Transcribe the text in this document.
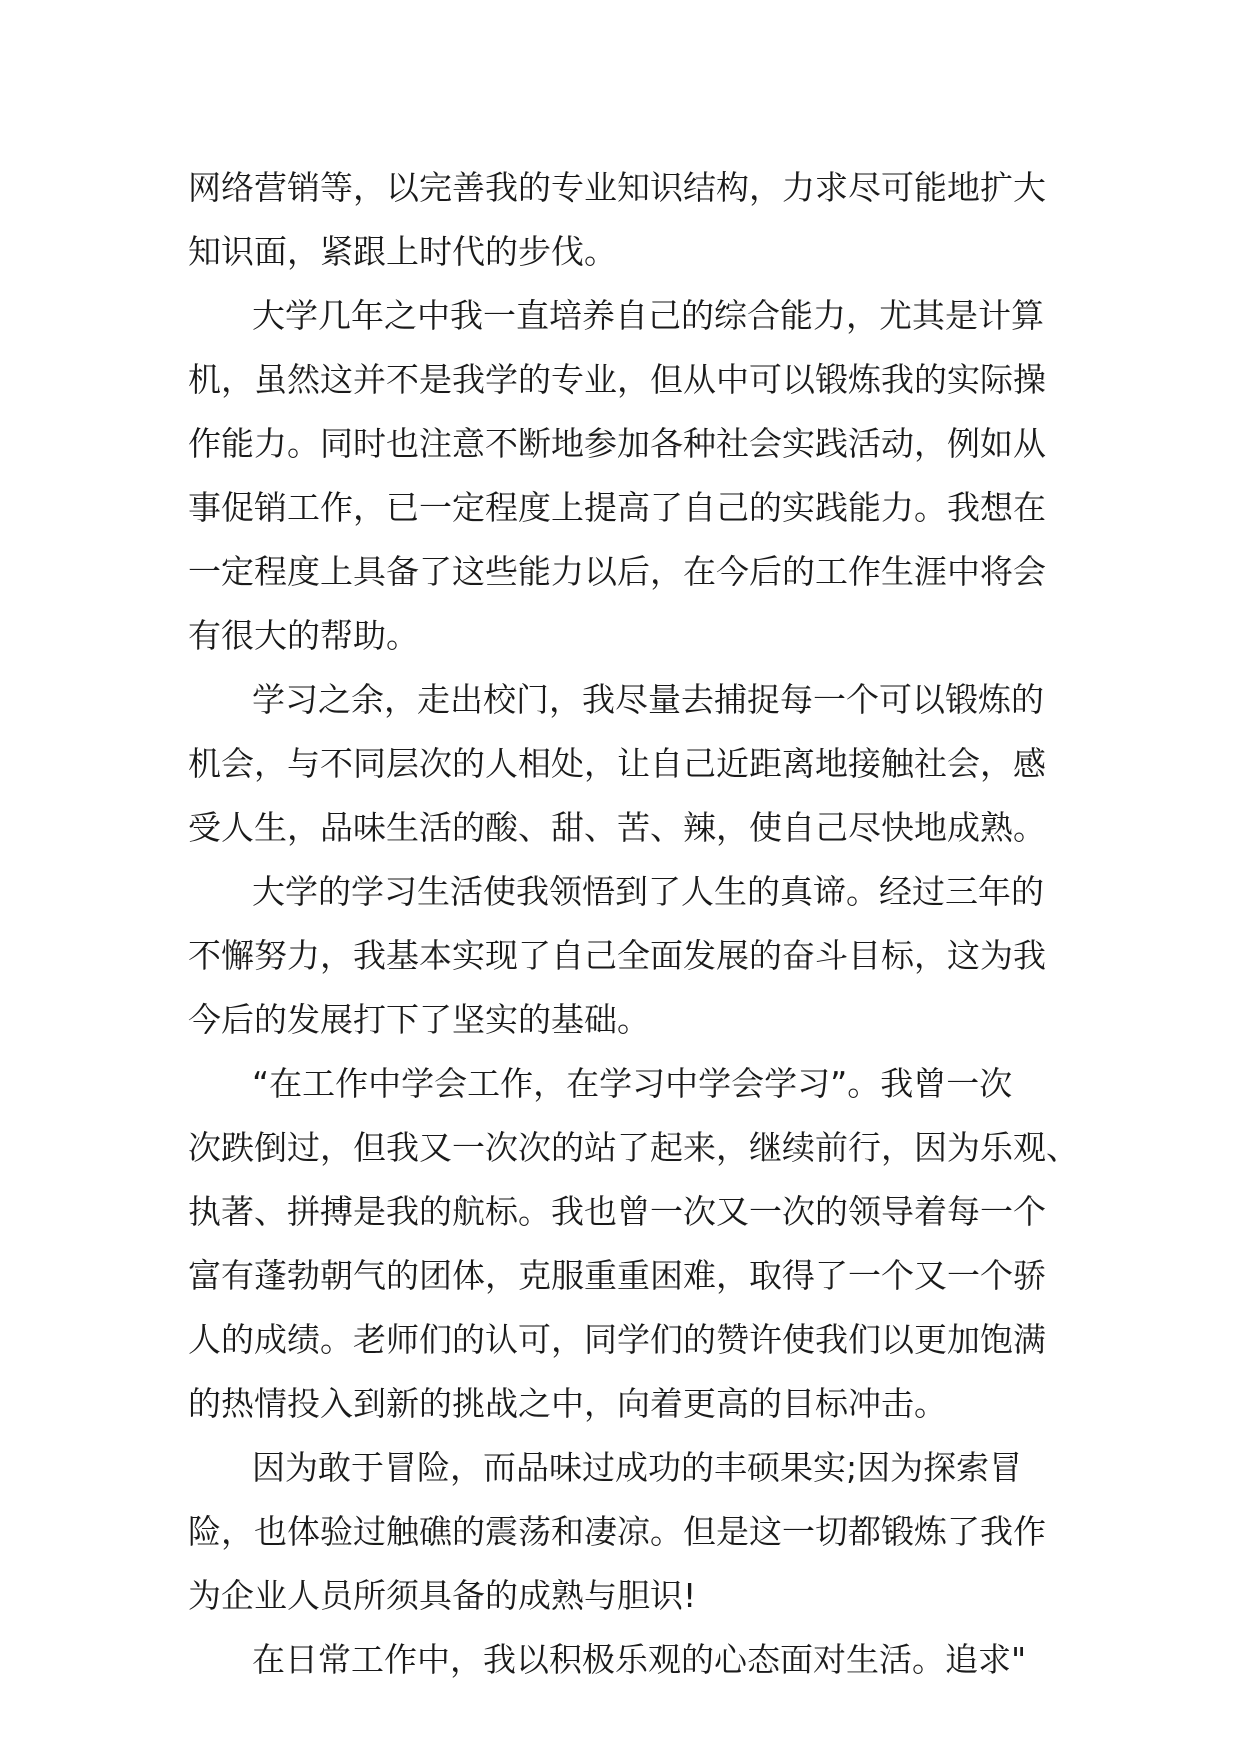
网络营销等，以完善我的专业知识结构，力求尽可能地扩大
知识面，紧跟上时代的步伐。
大学几年之中我一直培养自己的综合能力，尤其是计算
机，虽然这并不是我学的专业，但从中可以锻炼我的实际操
作能力。同时也注意不断地参加各种社会实践活动，例如从
事促销工作，已一定程度上提高了自己的实践能力。我想在
一定程度上具备了这些能力以后，在今后的工作生涯中将会
有很大的帮助。
学习之余，走出校门，我尽量去捕捉每一个可以锻炼的
机会，与不同层次的人相处，让自己近距离地接触社会，感
受人生，品味生活的酸、甜、苦、辣，使自己尽快地成熟。
大学的学习生活使我领悟到了人生的真谛。经过三年的
不懈努力，我基本实现了自己全面发展的奋斗目标，这为我
今后的发展打下了坚实的基础。
“在工作中学会工作，在学习中学会学习”。我曾一次
次跌倒过，但我又一次次的站了起来，继续前行，因为乐观、
执著、拼搏是我的航标。我也曾一次又一次的领导着每一个
富有蓬勃朝气的团体，克服重重困难，取得了一个又一个骄
人的成绩。老师们的认可，同学们的赞许使我们以更加饱满
的热情投入到新的挑战之中，向着更高的目标冲击。
因为敢于冒险，而品味过成功的丰硕果实;因为探索冒
险，也体验过触礁的震荡和凄凉。但是这一切都锻炼了我作
为企业人员所须具备的成熟与胆识!
在日常工作中，我以积极乐观的心态面对生活。追求"
